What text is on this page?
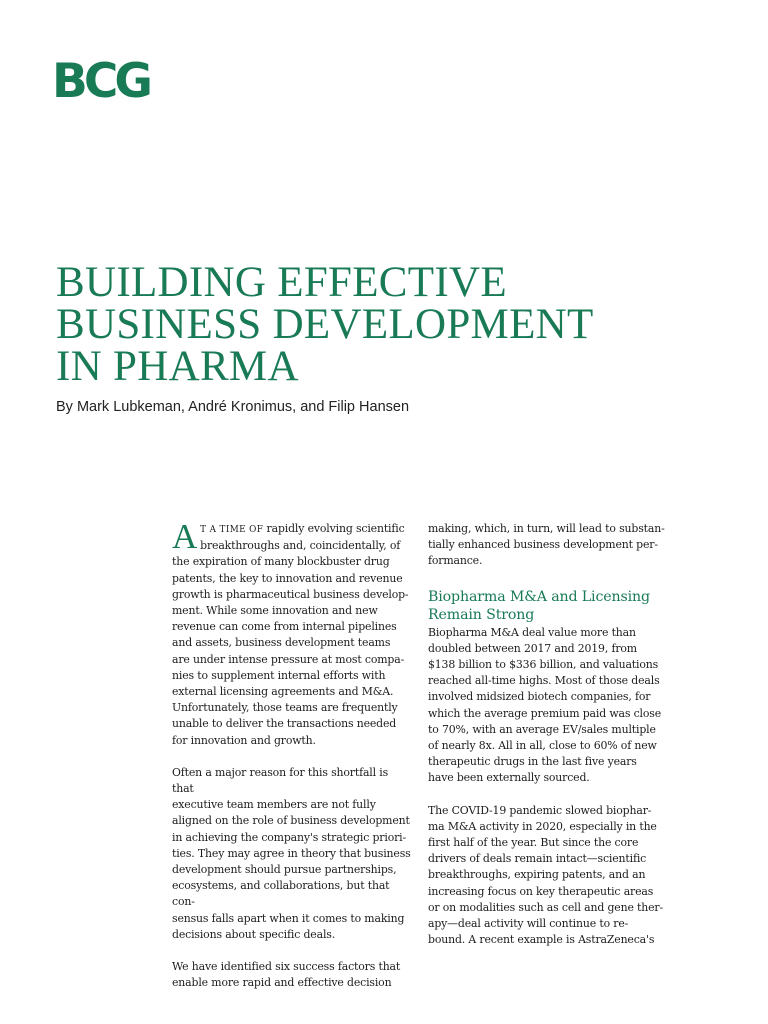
BCG
BUILDING EFFECTIVE
BUSINESS DEVELOPMENT
IN PHARMA

By Mark Lubkeman, André Kronimus, and Filip Hansen

A T A TIME OF rapidly evolving scientific
breakthroughs and, coincidentally, of
the expiration of many blockbuster drug
patents, the key to innovation and revenue
growth is pharmaceutical business develop-
ment. While some innovation and new
revenue can come from internal pipelines
and assets, business development teams
are under intense pressure at most compa-
nies to supplement internal efforts with
external licensing agreements and M&A.
Unfortunately, those teams are frequently
unable to deliver the transactions needed
for innovation and growth.

Often a major reason for this shortfall is that
executive team members are not fully
aligned on the role of business development
in achieving the company's strategic priori-
ties. They may agree in theory that business
development should pursue partnerships,
ecosystems, and collaborations, but that con-
sensus falls apart when it comes to making
decisions about specific deals.

We have identified six success factors that
enable more rapid and effective decision

making, which, in turn, will lead to substan-
tially enhanced business development per-
formance.

Biopharma M&A and Licensing
Remain Strong

Biopharma M&A deal value more than
doubled between 2017 and 2019, from
$138 billion to $336 billion, and valuations
reached all-time highs. Most of those deals
involved midsized biotech companies, for
which the average premium paid was close
to 70%, with an average EV/sales multiple
of nearly 8x. All in all, close to 60% of new
therapeutic drugs in the last five years
have been externally sourced.

The COVID-19 pandemic slowed biophar-
ma M&A activity in 2020, especially in the
first half of the year. But since the core
drivers of deals remain intact—scientific
breakthroughs, expiring patents, and an
increasing focus on key therapeutic areas
or on modalities such as cell and gene ther-
apy—deal activity will continue to re-
bound. A recent example is AstraZeneca's
